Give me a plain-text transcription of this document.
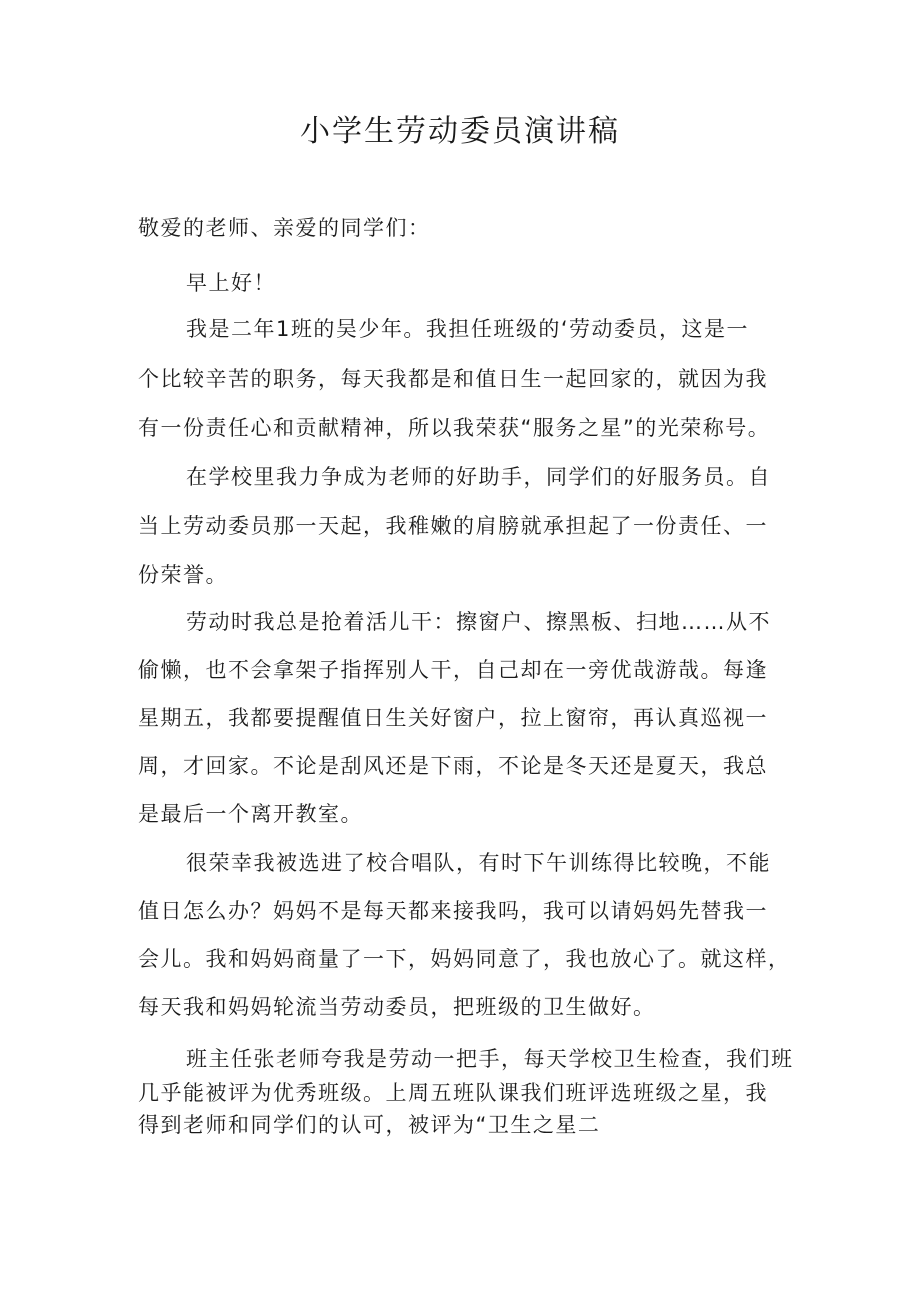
小学生劳动委员演讲稿
敬爱的老师、亲爱的同学们：
早上好！
我是二年1班的吴少年。我担任班级的‘劳动委员，这是一
个比较辛苦的职务，每天我都是和值日生一起回家的，就因为我
有一份责任心和贡献精神，所以我荣获“服务之星”的光荣称号。
在学校里我力争成为老师的好助手，同学们的好服务员。自
当上劳动委员那一天起，我稚嫩的肩膀就承担起了一份责任、一
份荣誉。
劳动时我总是抢着活儿干：擦窗户、擦黑板、扫地……从不
偷懒，也不会拿架子指挥别人干，自己却在一旁优哉游哉。每逢
星期五，我都要提醒值日生关好窗户，拉上窗帘，再认真巡视一
周，才回家。不论是刮风还是下雨，不论是冬天还是夏天，我总
是最后一个离开教室。
很荣幸我被选进了校合唱队，有时下午训练得比较晚，不能
值日怎么办？妈妈不是每天都来接我吗，我可以请妈妈先替我一
会儿。我和妈妈商量了一下，妈妈同意了，我也放心了。就这样，
每天我和妈妈轮流当劳动委员，把班级的卫生做好。
班主任张老师夸我是劳动一把手，每天学校卫生检查，我们班
几乎能被评为优秀班级。上周五班队课我们班评选班级之星，我
得到老师和同学们的认可，被评为“卫生之星二
